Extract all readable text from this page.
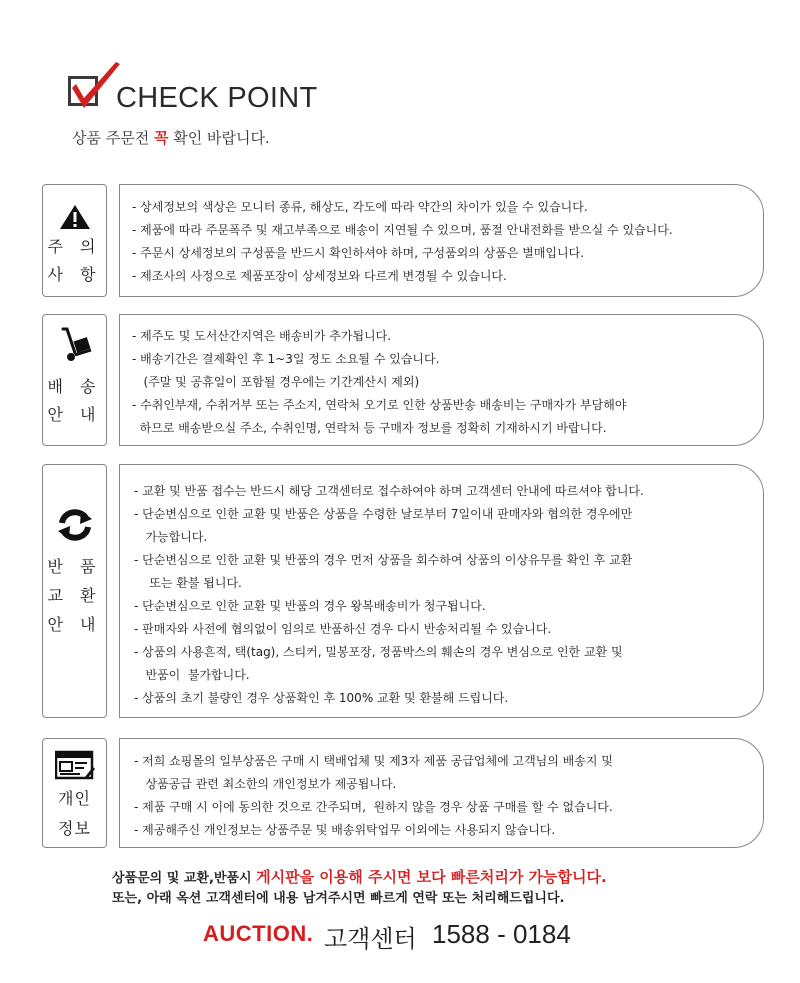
CHECK POINT
상품 주문전 꼭 확인 바랍니다.
주 의
사 항
- 상세정보의 색상은 모니터 종류, 해상도, 각도에 따라 약간의 차이가 있을 수 있습니다.
- 제품에 따라 주문폭주 및 재고부족으로 배송이 지연될 수 있으며, 품절 안내전화를 받으실 수 있습니다.
- 주문시 상세정보의 구성품을 반드시 확인하셔야 하며, 구성품외의 상품은 별매입니다.
- 제조사의 사정으로 제품포장이 상세정보와 다르게 변경될 수 있습니다.
배 송
안 내
- 제주도 및 도서산간지역은 배송비가 추가됩니다.
- 배송기간은 결제확인 후 1~3일 정도 소요될 수 있습니다.
(주말 및 공휴일이 포함될 경우에는 기간계산시 제외)
- 수취인부재, 수취거부 또는 주소지, 연락처 오기로 인한 상품반송 배송비는 구매자가 부담해야
하므로 배송받으실 주소, 수취인명, 연락처 등 구매자 정보를 정확히 기재하시기 바랍니다.
반 품
교 환
안 내
- 교환 및 반품 접수는 반드시 해당 고객센터로 접수하여야 하며 고객센터 안내에 따르셔야 합니다.
- 단순변심으로 인한 교환 및 반품은 상품을 수령한 날로부터 7일이내 판매자와 협의한 경우에만
가능합니다.
- 단순변심으로 인한 교환 및 반품의 경우 먼저 상품을 회수하여 상품의 이상유무를 확인 후 교환
또는 환불 됩니다.
- 단순변심으로 인한 교환 및 반품의 경우 왕복배송비가 청구됩니다.
- 판매자와 사전에 협의없이 임의로 반품하신 경우 다시 반송처리될 수 있습니다.
- 상품의 사용흔적, 택(tag), 스티커, 밀봉포장, 정품박스의 훼손의 경우 변심으로 인한 교환 및
반품이  불가합니다.
- 상품의 초기 불량인 경우 상품확인 후 100% 교환 및 환불해 드립니다.
개인
정보
- 저희 쇼핑몰의 일부상품은 구매 시 택배업체 및 제3자 제품 공급업체에 고객님의 배송지 및
상품공급 관련 최소한의 개인정보가 제공됩니다.
- 제품 구매 시 이에 동의한 것으로 간주되며,  원하지 않을 경우 상품 구매를 할 수 없습니다.
- 제공해주신 개인정보는 상품주문 및 배송위탁업무 이외에는 사용되지 않습니다.
상품문의 및 교환,반품시 게시판을 이용해 주시면 보다 빠른처리가 가능합니다.
또는, 아래 옥션 고객센터에 내용 남겨주시면 빠르게 연락 또는 처리해드립니다.
AUCTION. 고객센터 1588 - 0184
